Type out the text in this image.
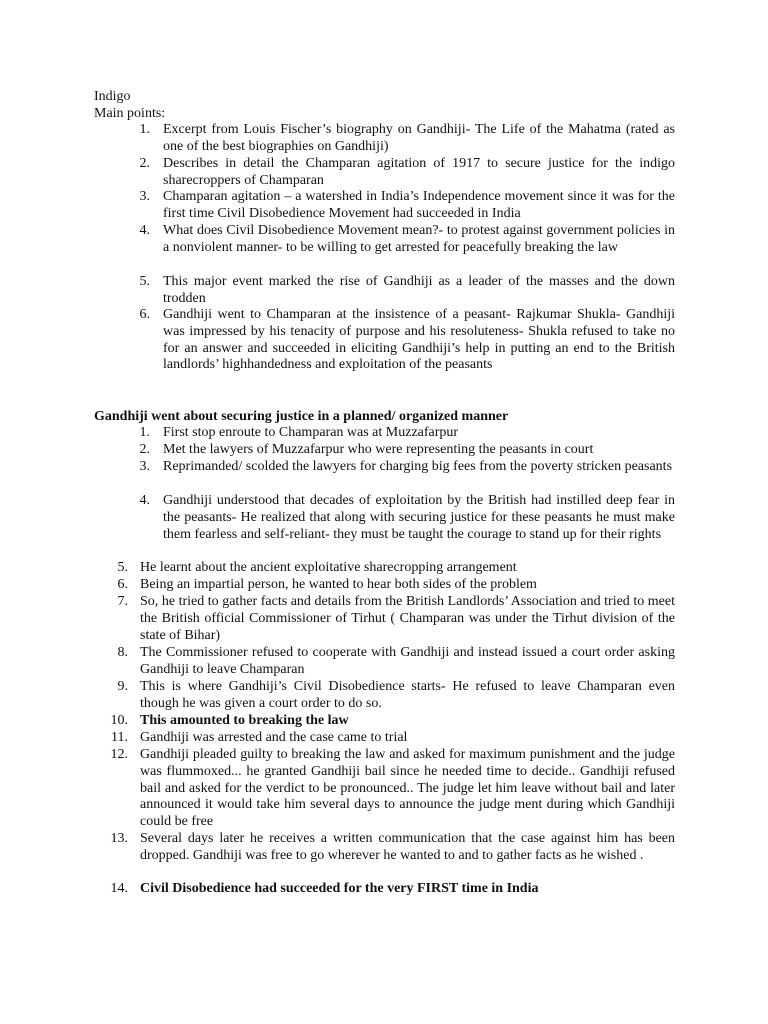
Indigo
Main points:
1. Excerpt from Louis Fischer’s biography on Gandhiji- The Life of the Mahatma (rated as one of the best biographies on Gandhiji)
2. Describes in detail the Champaran agitation of 1917 to secure justice for the indigo sharecroppers of Champaran
3. Champaran agitation – a watershed in India’s Independence movement since it was for the first time Civil Disobedience Movement had succeeded in India
4. What does Civil Disobedience Movement mean?- to protest against government policies in a nonviolent manner- to be willing to get arrested for peacefully breaking the law
5. This major event marked the rise of Gandhiji as a leader of the masses and the down trodden
6. Gandhiji went to Champaran at the insistence of a peasant- Rajkumar Shukla- Gandhiji was impressed by his tenacity of purpose and his resoluteness- Shukla refused to take no for an answer and succeeded in eliciting Gandhiji’s help in putting an end to the British landlords’ highhandedness and exploitation of the peasants
Gandhiji went about securing justice in a planned/ organized manner
1. First stop enroute to Champaran was at Muzzafarpur
2. Met the lawyers of Muzzafarpur who were representing the peasants in court
3. Reprimanded/ scolded the lawyers for charging big fees from the poverty stricken peasants
4. Gandhiji understood that decades of exploitation by the British had instilled deep fear in the peasants- He realized that along with securing justice for these peasants he must make them fearless and self-reliant- they must be taught the courage to stand up for their rights
5. He learnt about the ancient exploitative sharecropping arrangement
6. Being an impartial person, he wanted to hear both sides of the problem
7. So, he tried to gather facts and details from the British Landlords’ Association and tried to meet the British official Commissioner of Tirhut ( Champaran was under the Tirhut division of the state of Bihar)
8. The Commissioner refused to cooperate with Gandhiji and instead issued a court order asking Gandhiji to leave Champaran
9. This is where Gandhiji’s Civil Disobedience starts- He refused to leave Champaran even though he was given a court order to do so.
10. This amounted to breaking the law
11. Gandhiji was arrested and the case came to trial
12. Gandhiji pleaded guilty to breaking the law and asked for maximum punishment and the judge was flummoxed... he granted Gandhiji bail since he needed time to decide.. Gandhiji refused bail and asked for the verdict to be pronounced.. The judge let him leave without bail and later announced it would take him several days to announce the judge ment during which Gandhiji could be free
13. Several days later he receives a written communication that the case against him has been dropped. Gandhiji was free to go wherever he wanted to and to gather facts as he wished .
14. Civil Disobedience had succeeded for the very FIRST time in India
